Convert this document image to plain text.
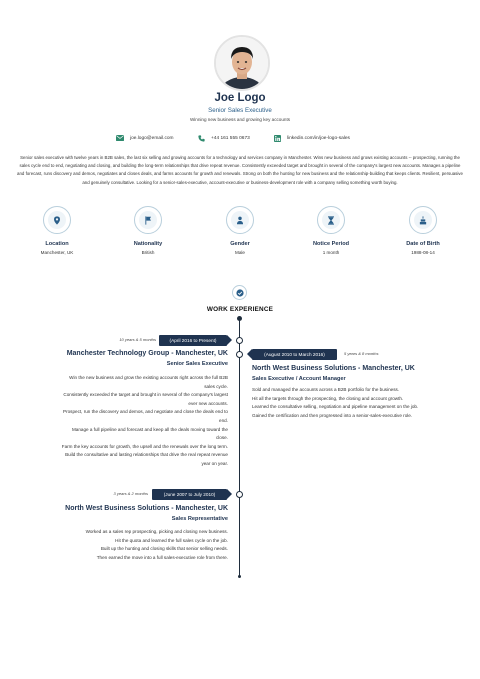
Joe Logo
Senior Sales Executive
Winning new business and growing key accounts
joe.logo@email.com	+44 161 555 0673	linkedin.com/in/joe-logo-sales
Senior sales executive with twelve years in B2B sales, the last six selling and growing accounts for a technology and services company in Manchester. Wins new business and grows existing accounts -- prospecting, running the sales cycle end to end, negotiating and closing, and building the long-term relationships that drive repeat revenue. Consistently exceeded target and brought in several of the company's largest new accounts. Manages a pipeline and forecast, runs discovery and demos, negotiates and closes deals, and farms accounts for growth and renewals. Strong on both the hunting for new business and the relationship-building that keeps clients. Resilient, persuasive and genuinely consultative. Looking for a senior-sales-executive, account-executive or business-development role with a company selling something worth buying.
Location
Manchester, UK
Nationality
British
Gender
Male
Notice Period
1 month
Date of Birth
1988-08-14
WORK EXPERIENCE
10 years & 5 months	(April 2016 to Present)
Manchester Technology Group - Manchester, UK
Senior Sales Executive
Win the new business and grow the existing accounts right across the full B2B
sales cycle.
Consistently exceeded the target and brought in several of the company's largest
ever new accounts.
Prospect, run the discovery and demos, and negotiate and close the deals end to
end.
Manage a full pipeline and forecast and keep all the deals moving toward the
close.
Farm the key accounts for growth, the upsell and the renewals over the long term.
Build the consultative and lasting relationships that drive the real repeat revenue
year on year.
(August 2010 to March 2016)	5 years & 8 months
North West Business Solutions - Manchester, UK
Sales Executive / Account Manager
Sold and managed the accounts across a B2B portfolio for the business.
Hit all the targets through the prospecting, the closing and account growth.
Learned the consultative selling, negotiation and pipeline management on the job.
Gained the certification and then progressed into a senior-sales-executive role.
3 years & 2 months	(June 2007 to July 2010)
North West Business Solutions - Manchester, UK
Sales Representative
Worked as a sales rep prospecting, picking and closing new business.
Hit the quota and learned the full sales cycle on the job.
Built up the hunting and closing skills that senior selling needs.
Then earned the move into a full sales-executive role from there.
